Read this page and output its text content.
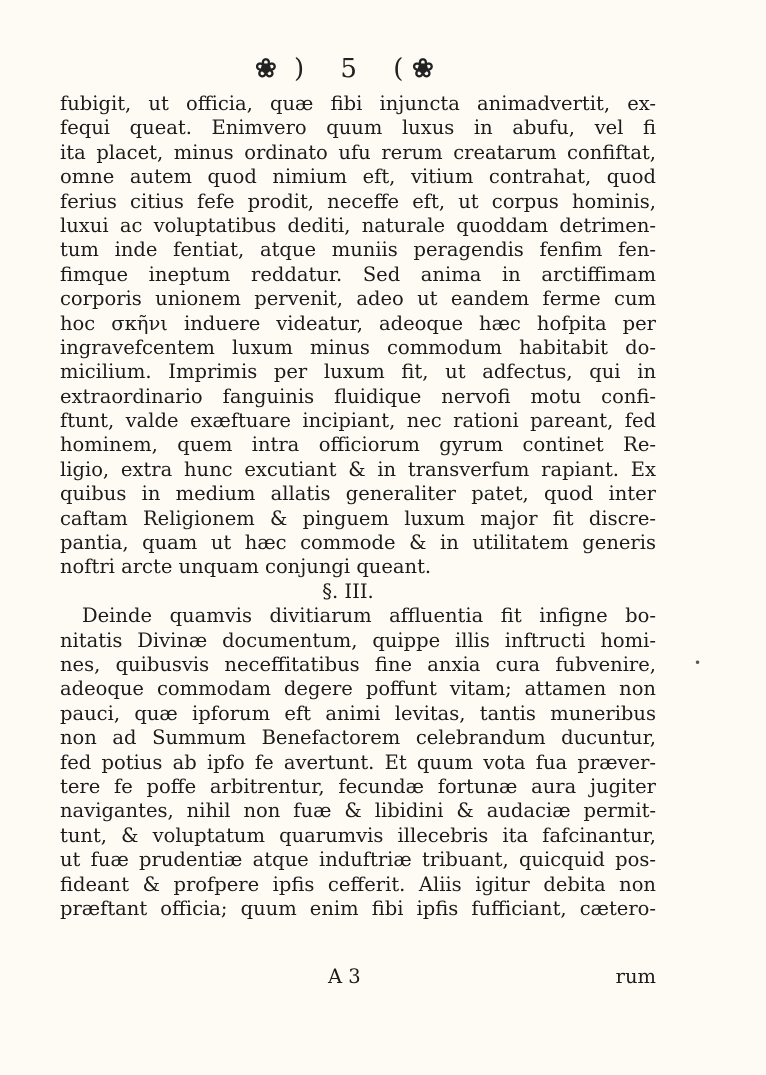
❀ ) 5 (
❀
fubigit, ut officia, quæ fibi injuncta animadvertit, ex-
fequi queat. Enimvero quum luxus in abufu, vel fi
ita placet, minus ordinato ufu rerum creatarum confiftat,
omne autem quod nimium eft, vitium contrahat, quod
ferius citius fefe prodit, neceffe eft, ut corpus hominis,
luxui ac voluptatibus dediti, naturale quoddam detrimen-
tum inde fentiat, atque muniis peragendis fenfim fen-
fimque ineptum reddatur. Sed anima in arctiffimam
corporis unionem pervenit, adeo ut eandem ferme cum
hoc σκῆνι induere videatur, adeoque hæc hofpita per
ingravefcentem luxum minus commodum habitabit do-
micilium. Imprimis per luxum fit, ut adfectus, qui in
extraordinario fanguinis fluidique nervofi motu confi-
ftunt, valde exæftuare incipiant, nec rationi pareant, fed
hominem, quem intra officiorum gyrum continet Re-
ligio, extra hunc excutiant & in transverfum rapiant. Ex
quibus in medium allatis generaliter patet, quod inter
caftam Religionem & pinguem luxum major fit discre-
pantia, quam ut hæc commode & in utilitatem generis
noftri arcte unquam conjungi queant.
§. III.
Deinde quamvis divitiarum affluentia fit infigne bo-
nitatis Divinæ documentum, quippe illis inftructi homi-
nes, quibusvis neceffitatibus fine anxia cura fubvenire,
adeoque commodam degere poffunt vitam; attamen non
pauci, quæ ipforum eft animi levitas, tantis muneribus
non ad Summum Benefactorem celebrandum ducuntur,
fed potius ab ipfo fe avertunt. Et quum vota fua præver-
tere fe poffe arbitrentur, fecundæ fortunæ aura jugiter
navigantes, nihil non fuæ & libidini & audaciæ permit-
tunt, & voluptatum quarumvis illecebris ita fafcinantur,
ut fuæ prudentiæ atque induftriæ tribuant, quicquid pos-
fideant & profpere ipfis cefferit. Aliis igitur debita non
præftant officia; quum enim fibi ipfis fufficiant, cætero-
•
A 3	rum
